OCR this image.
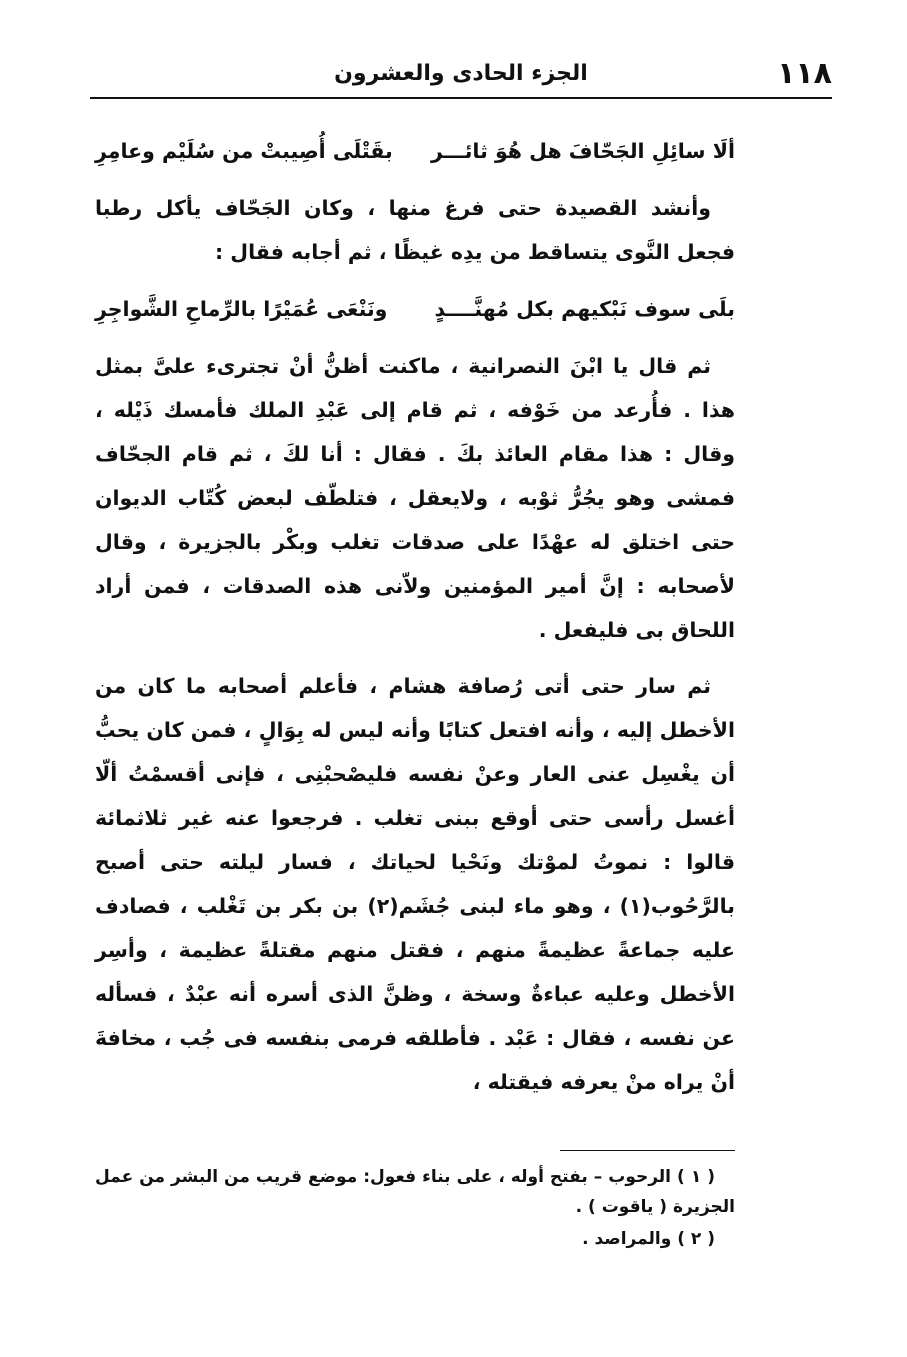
١١٨
الجزء الحادى والعشرون
ألَا سائِلِ الجَحّافَ هل هُوَ ثائـــر
بقَتْلَى أُصِيبتْ من سُلَيْم وعامِرِ

وأنشد القصيدة حتى فرغ منها ، وكان الجَحّاف يأكل رطبا فجعل النَّوى يتساقط من يدِه غيظًا ، ثم أجابه فقال :

بلَى سوف نَبْكيهم بكل مُهنَّــــدٍ
ونَنْعَى عُمَيْرًا بالرِّماحِ الشَّواجِرِ

ثم قال يا ابْنَ النصرانية ، ماكنت أظنُّ أنْ تجترىء علىَّ بمثل هذا . فأُرعد من خَوْفه ، ثم قام إلى عَبْدِ الملك فأمسك ذَيْله ، وقال : هذا مقام العائذ بكَ . فقال : أنا لكَ ، ثم قام الجحّاف فمشى وهو يجُرُّ ثوْبه ، ولايعقل ، فتلطّف لبعض كُتّاب الديوان حتى اختلق له عهْدًا على صدقات تغلب وبكْر بالجزيرة ، وقال لأصحابه : إنَّ أمير المؤمنين ولاّنى هذه الصدقات ، فمن أراد اللحاق بى فليفعل .

ثم سار حتى أتى رُصافة هشام ، فأعلم أصحابه ما كان من الأخطل إليه ، وأنه افتعل كتابًا وأنه ليس له بِوَالٍ ، فمن كان يحبُّ أن يغْسِل عنى العار وعنْ نفسه فليصْحبْنِى ، فإنى أقسمْتُ ألّا أغسل رأسى حتى أوقع ببنى تغلب . فرجعوا عنه غير ثلاثمائة قالوا : نموتُ لموْتك ونَحْيا لحياتك ، فسار ليلته حتى أصبح بالرَّحُوب(١) ، وهو ماء لبنى جُشَم(٢) بن بكر بن تَغْلب ، فصادف عليه جماعةً عظيمةً منهم ، فقتل منهم مقتلةً عظيمة ، وأسِر الأخطل وعليه عباءةٌ وسخة ، وظنَّ الذى أسره أنه عبْدٌ ، فسأله عن نفسه ، فقال : عَبْد . فأطلقه فرمى بنفسه فى جُب ، مخافةَ أنْ يراه منْ يعرفه فيقتله ،

( ١ ) الرحوب – بفتح أوله ، على بناء فعول: موضع قريب من البشر من عمل الجزيرة ( ياقوت ) .

( ٢ ) والمراصد .
